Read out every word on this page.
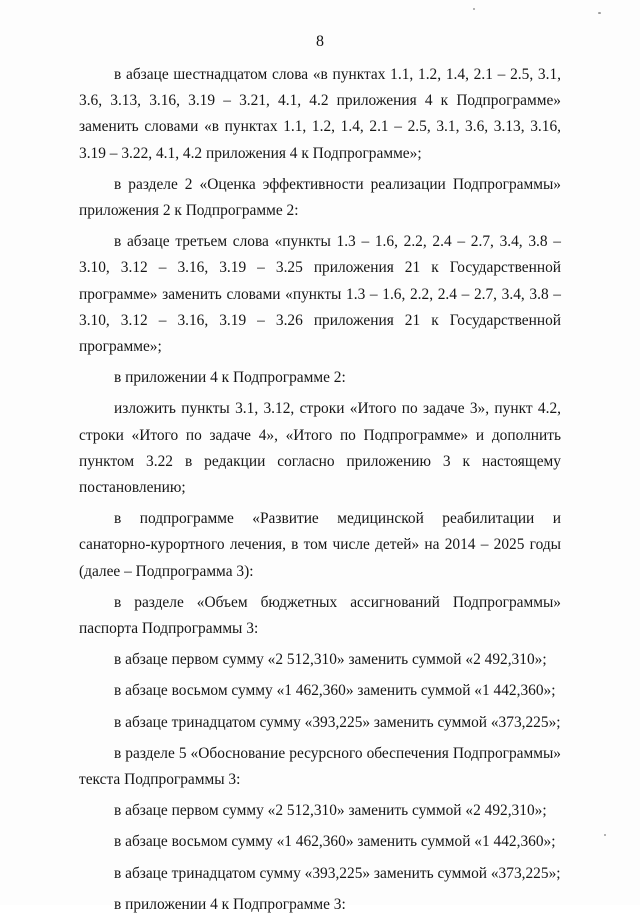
8

в абзаце шестнадцатом слова «в пунктах 1.1, 1.2, 1.4, 2.1 – 2.5, 3.1, 3.6, 3.13, 3.16, 3.19 – 3.21, 4.1, 4.2 приложения 4 к Подпрограмме» заменить словами «в пунктах 1.1, 1.2, 1.4, 2.1 – 2.5, 3.1, 3.6, 3.13, 3.16, 3.19 – 3.22, 4.1, 4.2 приложения 4 к Подпрограмме»;

в разделе 2 «Оценка эффективности реализации Подпрограммы» приложения 2 к Подпрограмме 2:

в абзаце третьем слова «пункты 1.3 – 1.6, 2.2, 2.4 – 2.7, 3.4, 3.8 – 3.10, 3.12 – 3.16, 3.19 – 3.25 приложения 21 к Государственной программе» заменить словами «пункты 1.3 – 1.6, 2.2, 2.4 – 2.7, 3.4, 3.8 – 3.10, 3.12 – 3.16, 3.19 – 3.26 приложения 21 к Государственной программе»;

в приложении 4 к Подпрограмме 2:

изложить пункты 3.1, 3.12, строки «Итого по задаче 3», пункт 4.2, строки «Итого по задаче 4», «Итого по Подпрограмме» и дополнить пунктом 3.22 в редакции согласно приложению 3 к настоящему постановлению;

в подпрограмме «Развитие медицинской реабилитации и санаторно-курортного лечения, в том числе детей» на 2014 – 2025 годы (далее – Подпрограмма 3):

в разделе «Объем бюджетных ассигнований Подпрограммы» паспорта Подпрограммы 3:

в абзаце первом сумму «2 512,310» заменить суммой «2 492,310»;

в абзаце восьмом сумму «1 462,360» заменить суммой «1 442,360»;

в абзаце тринадцатом сумму «393,225» заменить суммой «373,225»;

в разделе 5 «Обоснование ресурсного обеспечения Подпрограммы» текста Подпрограммы 3:

в абзаце первом сумму «2 512,310» заменить суммой «2 492,310»;

в абзаце восьмом сумму «1 462,360» заменить суммой «1 442,360»;

в абзаце тринадцатом сумму «393,225» заменить суммой «373,225»;

в приложении 4 к Подпрограмме 3:
